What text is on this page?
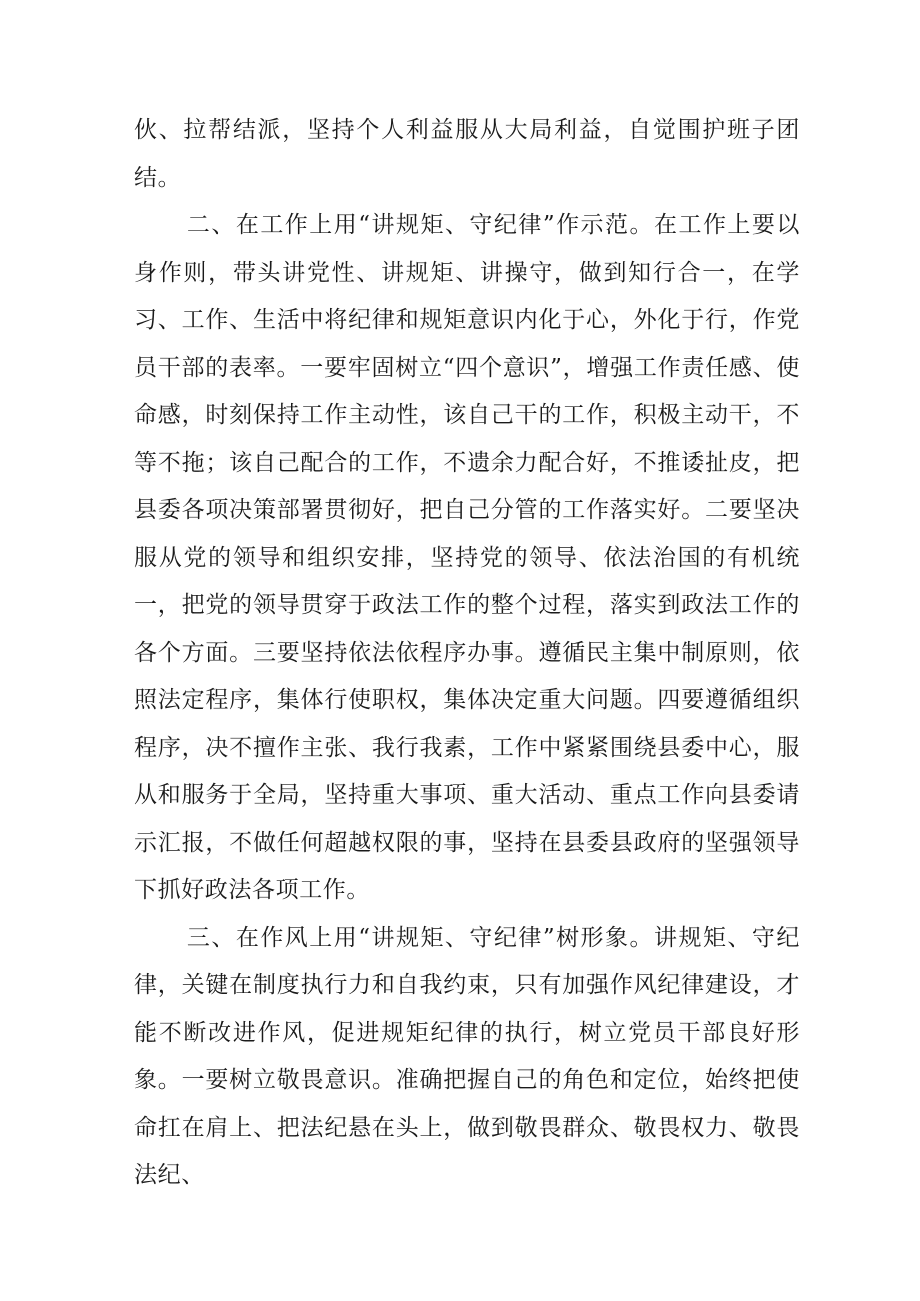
伙、拉帮结派，坚持个人利益服从大局利益，自觉围护班子团结。

二、在工作上用“讲规矩、守纪律”作示范。在工作上要以身作则，带头讲党性、讲规矩、讲操守，做到知行合一，在学习、工作、生活中将纪律和规矩意识内化于心，外化于行，作党员干部的表率。一要牢固树立“四个意识”，增强工作责任感、使命感，时刻保持工作主动性，该自己干的工作，积极主动干，不等不拖；该自己配合的工作，不遗余力配合好，不推诿扯皮，把县委各项决策部署贯彻好，把自己分管的工作落实好。二要坚决服从党的领导和组织安排，坚持党的领导、依法治国的有机统一，把党的领导贯穿于政法工作的整个过程，落实到政法工作的各个方面。三要坚持依法依程序办事。遵循民主集中制原则，依照法定程序，集体行使职权，集体决定重大问题。四要遵循组织程序，决不擅作主张、我行我素，工作中紧紧围绕县委中心，服从和服务于全局，坚持重大事项、重大活动、重点工作向县委请示汇报，不做任何超越权限的事，坚持在县委县政府的坚强领导下抓好政法各项工作。

三、在作风上用“讲规矩、守纪律”树形象。讲规矩、守纪律，关键在制度执行力和自我约束，只有加强作风纪律建设，才能不断改进作风，促进规矩纪律的执行，树立党员干部良好形象。一要树立敬畏意识。准确把握自己的角色和定位，始终把使命扛在肩上、把法纪悬在头上，做到敬畏群众、敬畏权力、敬畏法纪、
